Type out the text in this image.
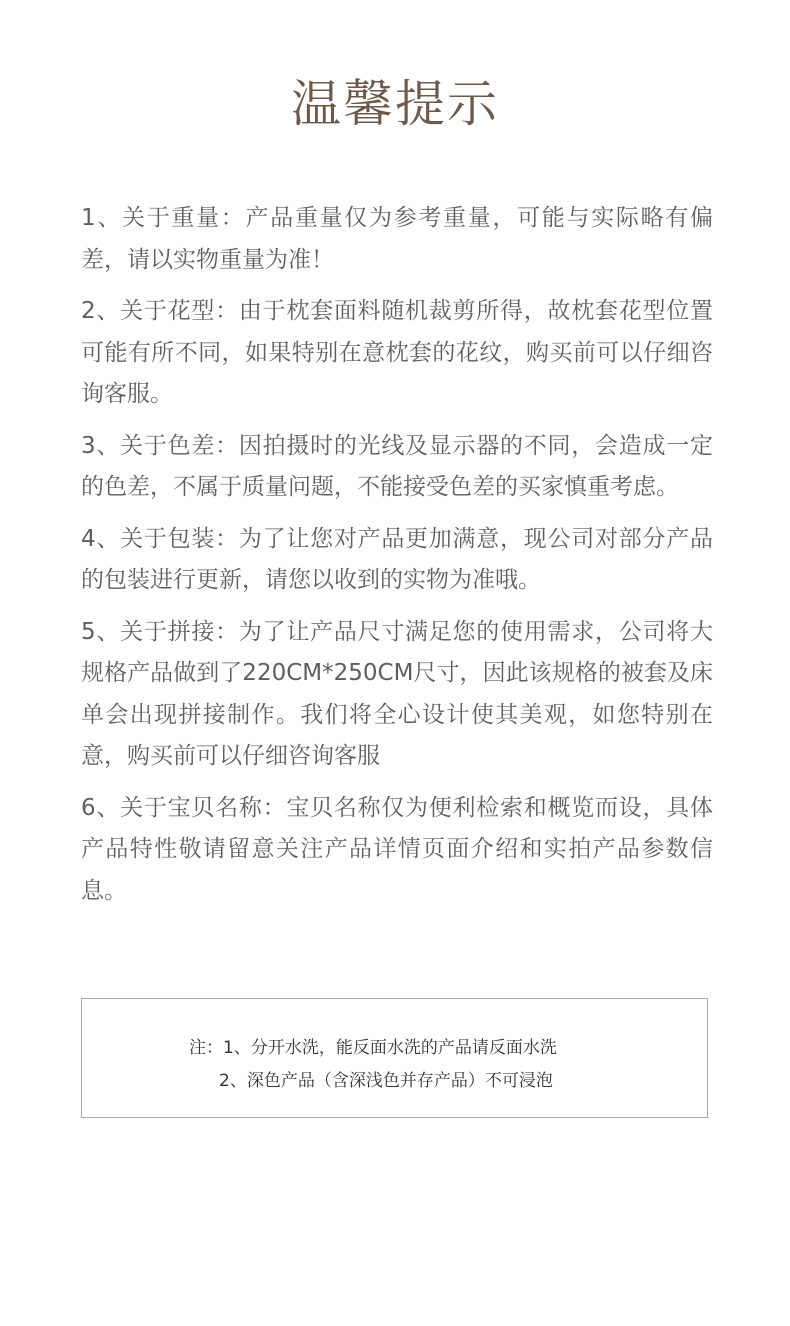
温馨提示
1、关于重量：产品重量仅为参考重量，可能与实际略有偏差，请以实物重量为准！
2、关于花型：由于枕套面料随机裁剪所得，故枕套花型位置可能有所不同，如果特别在意枕套的花纹，购买前可以仔细咨询客服。
3、关于色差：因拍摄时的光线及显示器的不同，会造成一定的色差，不属于质量问题，不能接受色差的买家慎重考虑。
4、关于包装：为了让您对产品更加满意，现公司对部分产品的包装进行更新，请您以收到的实物为准哦。
5、关于拼接：为了让产品尺寸满足您的使用需求，公司将大规格产品做到了220CM*250CM尺寸，因此该规格的被套及床单会出现拼接制作。我们将全心设计使其美观，如您特别在意，购买前可以仔细咨询客服
6、关于宝贝名称：宝贝名称仅为便利检索和概览而设，具体产品特性敬请留意关注产品详情页面介绍和实拍产品参数信息。
注：1、分开水洗，能反面水洗的产品请反面水洗
2、深色产品（含深浅色并存产品）不可浸泡
